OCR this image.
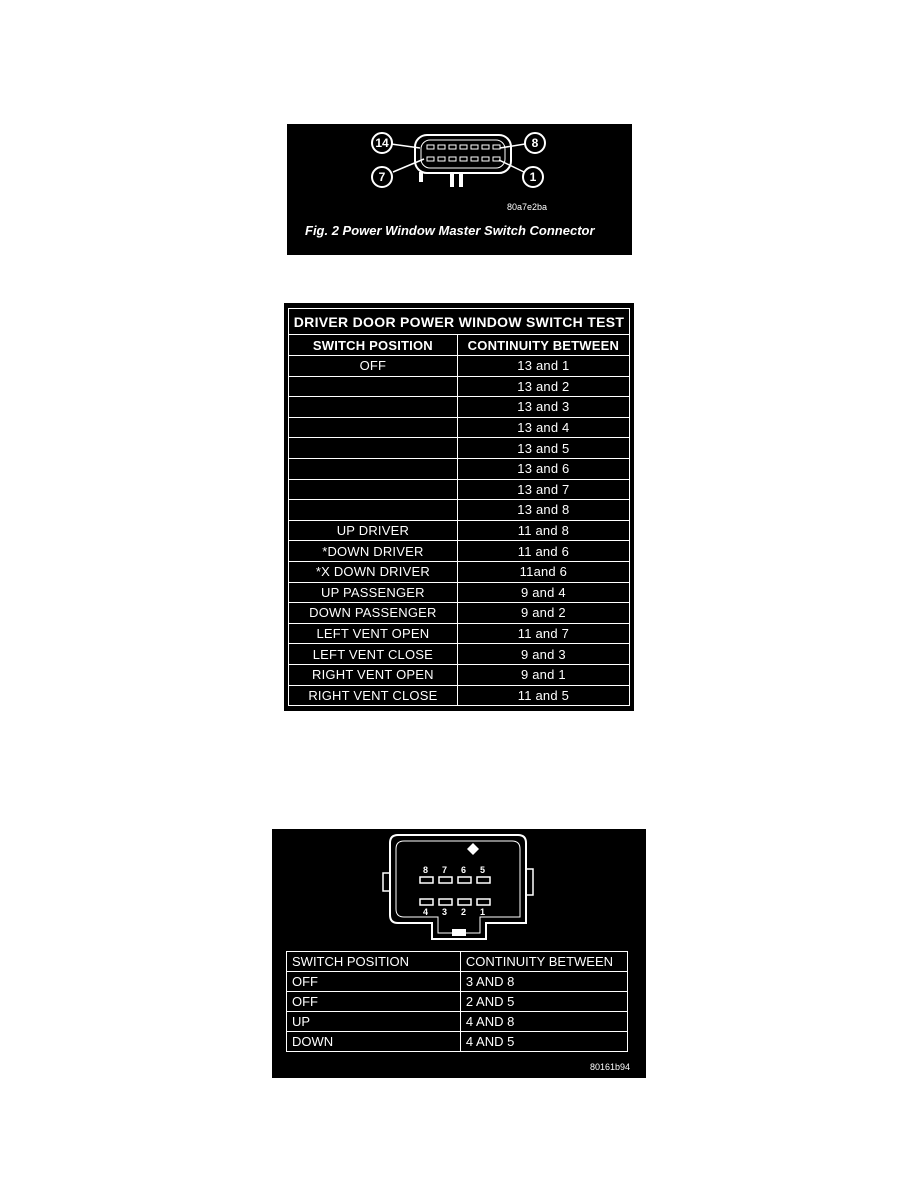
14	8
7	1
80a7e2ba
Fig. 2 Power Window Master Switch Connector
DRIVER DOOR POWER WINDOW SWITCH TEST	
SWITCH POSITION	CONTINUITY BETWEEN
OFF	13 and 1
	13 and 2
	13 and 3
	13 and 4
	13 and 5
	13 and 6
	13 and 7
	13 and 8
UP DRIVER	11 and 8
*DOWN DRIVER	11 and 6
*X DOWN DRIVER	11and 6
UP PASSENGER	9 and 4
DOWN PASSENGER	9 and 2
LEFT VENT OPEN	11 and 7
LEFT VENT CLOSE	9 and 3
RIGHT VENT OPEN	9 and 1
RIGHT VENT CLOSE	11 and 5
8 7 6 5
4 3 2 1
SWITCH POSITION	CONTINUITY BETWEEN
OFF	3 AND 8
OFF	2 AND 5
UP	4 AND 8
DOWN	4 AND 5
80161b94
